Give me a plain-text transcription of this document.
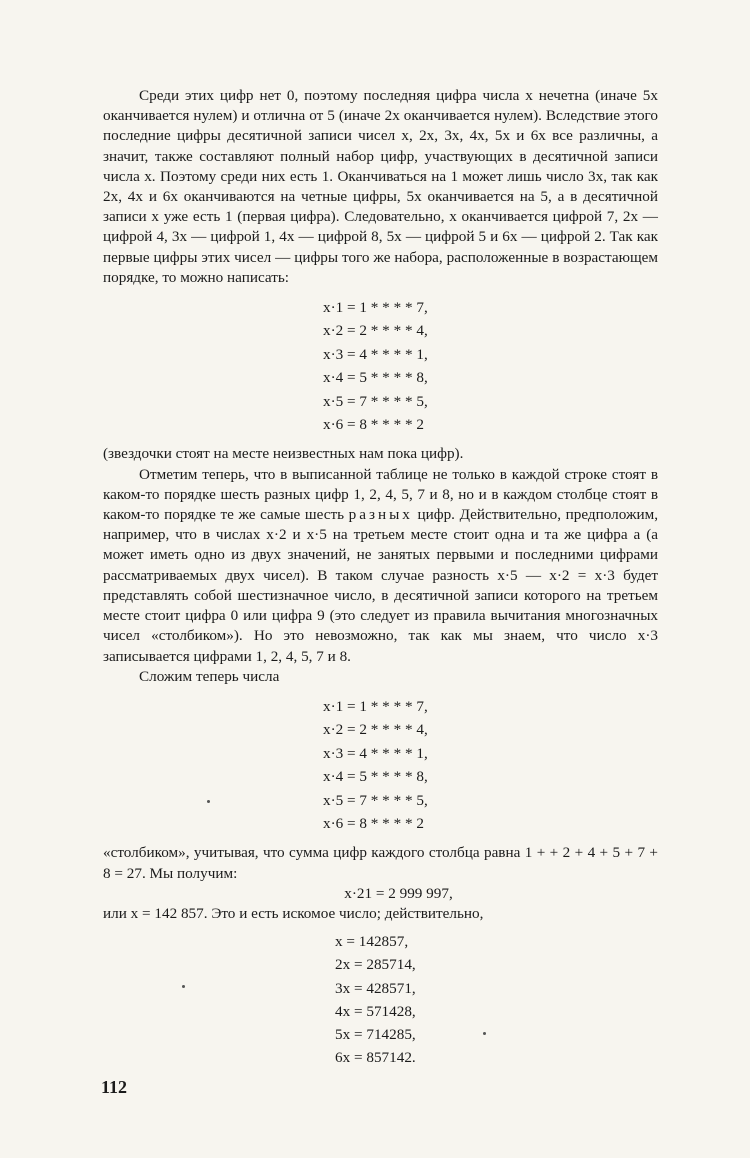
Среди этих цифр нет 0, поэтому последняя цифра числа x нечетна (иначе 5x оканчивается нулем) и отлична от 5 (иначе 2x оканчивается нулем). Вследствие этого последние цифры десятичной записи чисел x, 2x, 3x, 4x, 5x и 6x все различны, а значит, также составляют полный набор цифр, участвующих в десятичной записи числа x. Поэтому среди них есть 1. Оканчиваться на 1 может лишь число 3x, так как 2x, 4x и 6x оканчиваются на четные цифры, 5x оканчивается на 5, а в десятичной записи x уже есть 1 (первая цифра). Следовательно, x оканчивается цифрой 7, 2x — цифрой 4, 3x — цифрой 1, 4x — цифрой 8, 5x — цифрой 5 и 6x — цифрой 2. Так как первые цифры этих чисел — цифры того же набора, расположенные в возрастающем порядке, то можно написать:

x·1 = 1 * * * * 7,
x·2 = 2 * * * * 4,
x·3 = 4 * * * * 1,
x·4 = 5 * * * * 8,
x·5 = 7 * * * * 5,
x·6 = 8 * * * * 2

(звездочки стоят на месте неизвестных нам пока цифр).

Отметим теперь, что в выписанной таблице не только в каждой строке стоят в каком-то порядке шесть разных цифр 1, 2, 4, 5, 7 и 8, но и в каждом столбце стоят в каком-то порядке те же самые шесть разных цифр. Действительно, предположим, например, что в числах x·2 и x·5 на третьем месте стоит одна и та же цифра a (a может иметь одно из двух значений, не занятых первыми и последними цифрами рассматриваемых двух чисел). В таком случае разность x·5 — x·2 = x·3 будет представлять собой шестизначное число, в десятичной записи которого на третьем месте стоит цифра 0 или цифра 9 (это следует из правила вычитания многозначных чисел «столбиком»). Но это невозможно, так как мы знаем, что число x·3 записывается цифрами 1, 2, 4, 5, 7 и 8.

Сложим теперь числа

x·1 = 1 * * * * 7,
x·2 = 2 * * * * 4,
x·3 = 4 * * * * 1,
x·4 = 5 * * * * 8,
x·5 = 7 * * * * 5,
x·6 = 8 * * * * 2

«столбиком», учитывая, что сумма цифр каждого столбца равна 1 + + 2 + 4 + 5 + 7 + 8 = 27. Мы получим:

x·21 = 2 999 997,

или x = 142 857. Это и есть искомое число; действительно,

x = 142857,
2x = 285714,
3x = 428571,
4x = 571428,
5x = 714285,
6x = 857142.
112
